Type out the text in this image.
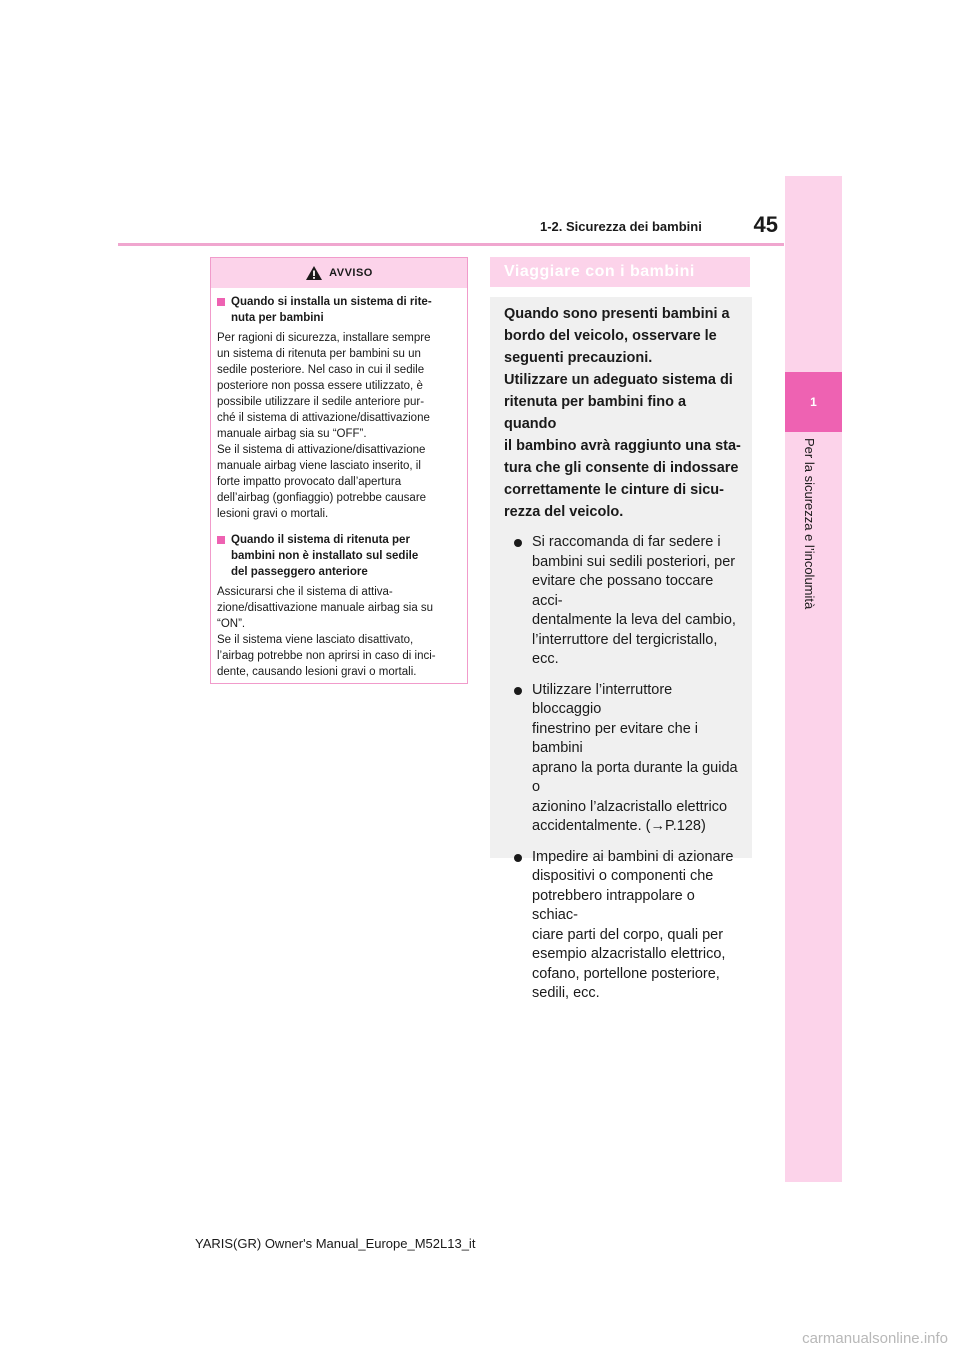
45
1-2. Sicurezza dei bambini
1
Per la sicurezza e l’incolumità
AVVISO
Quando si installa un sistema di rite-
nuta per bambini

Per ragioni di sicurezza, installare sempre
un sistema di ritenuta per bambini su un
sedile posteriore. Nel caso in cui il sedile
posteriore non possa essere utilizzato, è
possibile utilizzare il sedile anteriore pur-
ché il sistema di attivazione/disattivazione
manuale airbag sia su “OFF”.
Se il sistema di attivazione/disattivazione
manuale airbag viene lasciato inserito, il
forte impatto provocato dall’apertura
dell’airbag (gonfiaggio) potrebbe causare
lesioni gravi o mortali.

Quando il sistema di ritenuta per
bambini non è installato sul sedile
del passeggero anteriore

Assicurarsi che il sistema di attiva-
zione/disattivazione manuale airbag sia su
“ON”.
Se il sistema viene lasciato disattivato,
l’airbag potrebbe non aprirsi in caso di inci-
dente, causando lesioni gravi o mortali.

Viaggiare con i bambini

Quando sono presenti bambini a
bordo del veicolo, osservare le
seguenti precauzioni.
Utilizzare un adeguato sistema di
ritenuta per bambini fino a quando
il bambino avrà raggiunto una sta-
tura che gli consente di indossare
correttamente le cinture di sicu-
rezza del veicolo.

Si raccomanda di far sedere i
bambini sui sedili posteriori, per
evitare che possano toccare acci-
dentalmente la leva del cambio,
l’interruttore del tergicristallo, ecc.
Utilizzare l’interruttore bloccaggio
finestrino per evitare che i bambini
aprano la porta durante la guida o
azionino l’alzacristallo elettrico
accidentalmente. (→P.128)
Impedire ai bambini di azionare
dispositivi o componenti che
potrebbero intrappolare o schiac-
ciare parti del corpo, quali per
esempio alzacristallo elettrico,
cofano, portellone posteriore,
sedili, ecc.
YARIS(GR) Owner's Manual_Europe_M52L13_it
carmanualsonline.info
